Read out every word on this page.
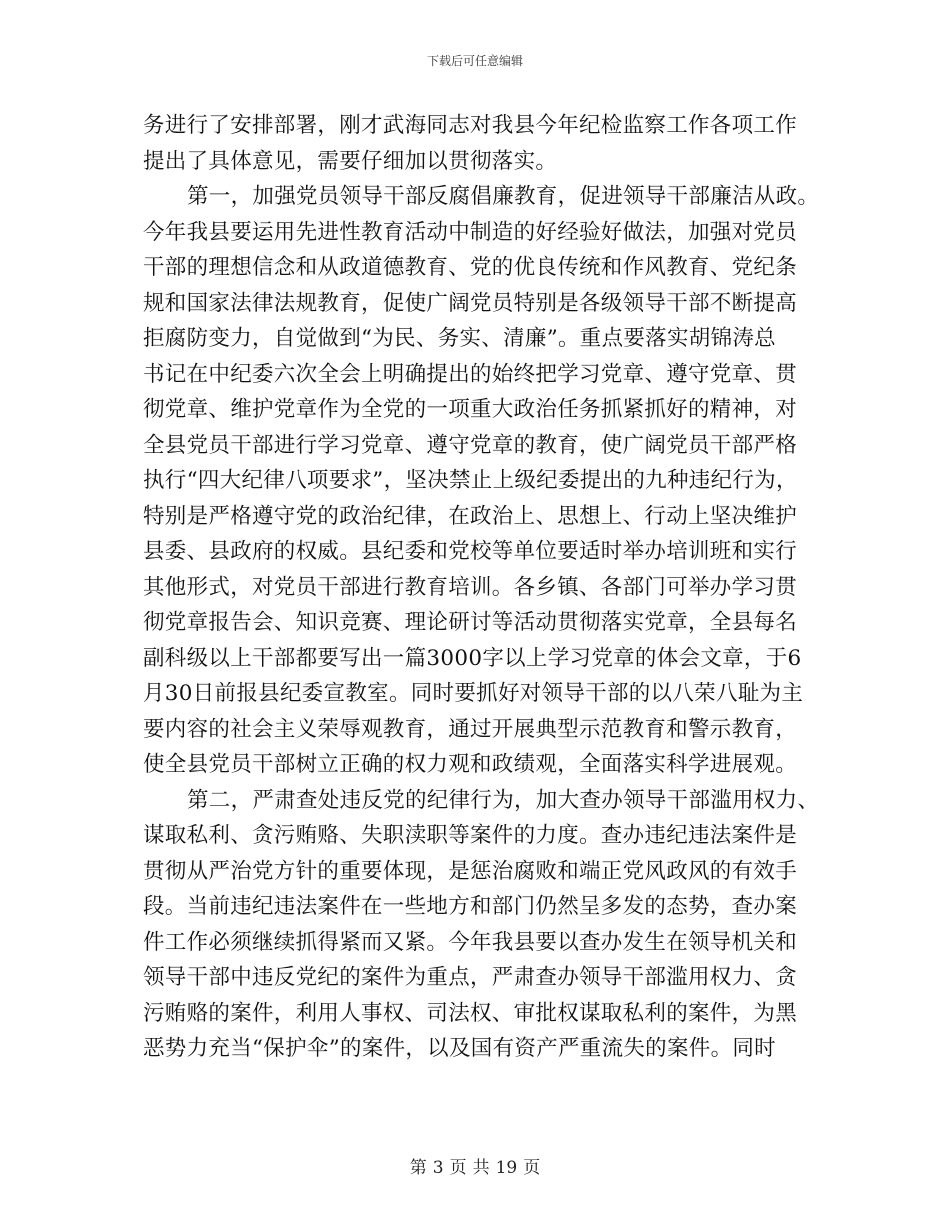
下载后可任意编辑
务进行了安排部署，刚才武海同志对我县今年纪检监察工作各项工作
提出了具体意见，需要仔细加以贯彻落实。
第一，加强党员领导干部反腐倡廉教育，促进领导干部廉洁从政。
今年我县要运用先进性教育活动中制造的好经验好做法，加强对党员
干部的理想信念和从政道德教育、党的优良传统和作风教育、党纪条
规和国家法律法规教育，促使广阔党员特别是各级领导干部不断提高
拒腐防变力，自觉做到“为民、务实、清廉”。重点要落实胡锦涛总
书记在中纪委六次全会上明确提出的始终把学习党章、遵守党章、贯
彻党章、维护党章作为全党的一项重大政治任务抓紧抓好的精神，对
全县党员干部进行学习党章、遵守党章的教育，使广阔党员干部严格
执行“四大纪律八项要求”，坚决禁止上级纪委提出的九种违纪行为，
特别是严格遵守党的政治纪律，在政治上、思想上、行动上坚决维护
县委、县政府的权威。县纪委和党校等单位要适时举办培训班和实行
其他形式，对党员干部进行教育培训。各乡镇、各部门可举办学习贯
彻党章报告会、知识竞赛、理论研讨等活动贯彻落实党章，全县每名
副科级以上干部都要写出一篇3000字以上学习党章的体会文章，于6
月30日前报县纪委宣教室。同时要抓好对领导干部的以八荣八耻为主
要内容的社会主义荣辱观教育，通过开展典型示范教育和警示教育，
使全县党员干部树立正确的权力观和政绩观，全面落实科学进展观。
第二，严肃查处违反党的纪律行为，加大查办领导干部滥用权力、
谋取私利、贪污贿赂、失职渎职等案件的力度。查办违纪违法案件是
贯彻从严治党方针的重要体现，是惩治腐败和端正党风政风的有效手
段。当前违纪违法案件在一些地方和部门仍然呈多发的态势，查办案
件工作必须继续抓得紧而又紧。今年我县要以查办发生在领导机关和
领导干部中违反党纪的案件为重点，严肃查办领导干部滥用权力、贪
污贿赂的案件，利用人事权、司法权、审批权谋取私利的案件，为黑
恶势力充当“保护伞”的案件，以及国有资产严重流失的案件。同时
第 3 页 共 19 页
